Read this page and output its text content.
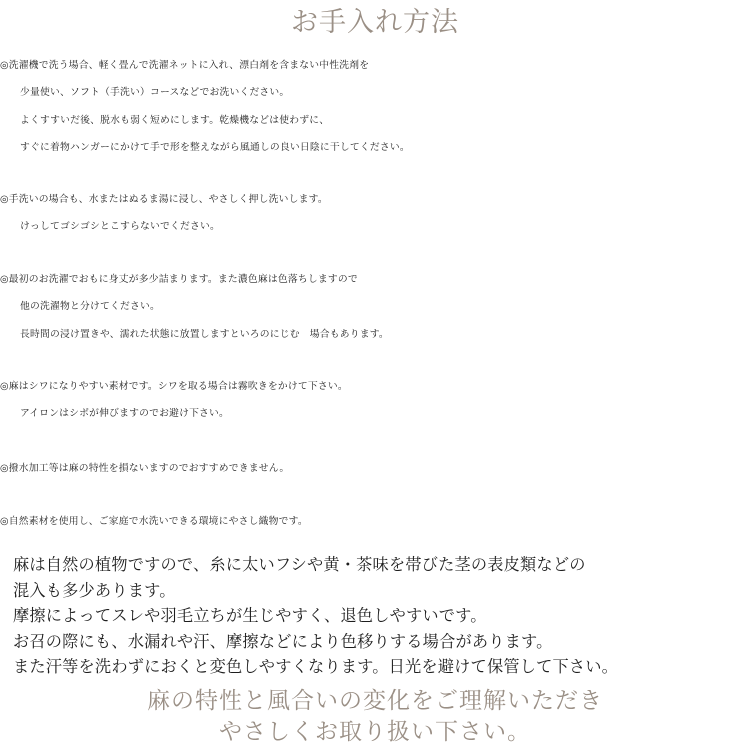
お手入れ方法
◎洗濯機で洗う場合、軽く畳んで洗濯ネットに入れ、漂白剤を含まない中性洗剤を
少量使い、ソフト（手洗い）コースなどでお洗いください。
よくすすいだ後、脱水も弱く短めにします。乾燥機などは使わずに、
すぐに着物ハンガーにかけて手で形を整えながら風通しの良い日陰に干してください。
◎手洗いの場合も、水またはぬるま湯に浸し、やさしく押し洗いします。
けっしてゴシゴシとこすらないでください。
◎最初のお洗濯でおもに身丈が多少詰まります。また濃色麻は色落ちしますので
他の洗濯物と分けてください。
長時間の浸け置きや、濡れた状態に放置しますといろのにじむ　場合もあります。
◎麻はシワになりやすい素材です。シワを取る場合は霧吹きをかけて下さい。
アイロンはシボが伸びますのでお避け下さい。
◎撥水加工等は麻の特性を損ないますのでおすすめできません。
◎自然素材を使用し、ご家庭で水洗いできる環境にやさし織物です。
麻は自然の植物ですので、糸に太いフシや黄・茶味を帯びた茎の表皮類などの
混入も多少あります。
摩擦によってスレや羽毛立ちが生じやすく、退色しやすいです。
お召の際にも、水漏れや汗、摩擦などにより色移りする場合があります。
また汗等を洗わずにおくと変色しやすくなります。日光を避けて保管して下さい。
麻の特性と風合いの変化をご理解いただき
やさしくお取り扱い下さい。
